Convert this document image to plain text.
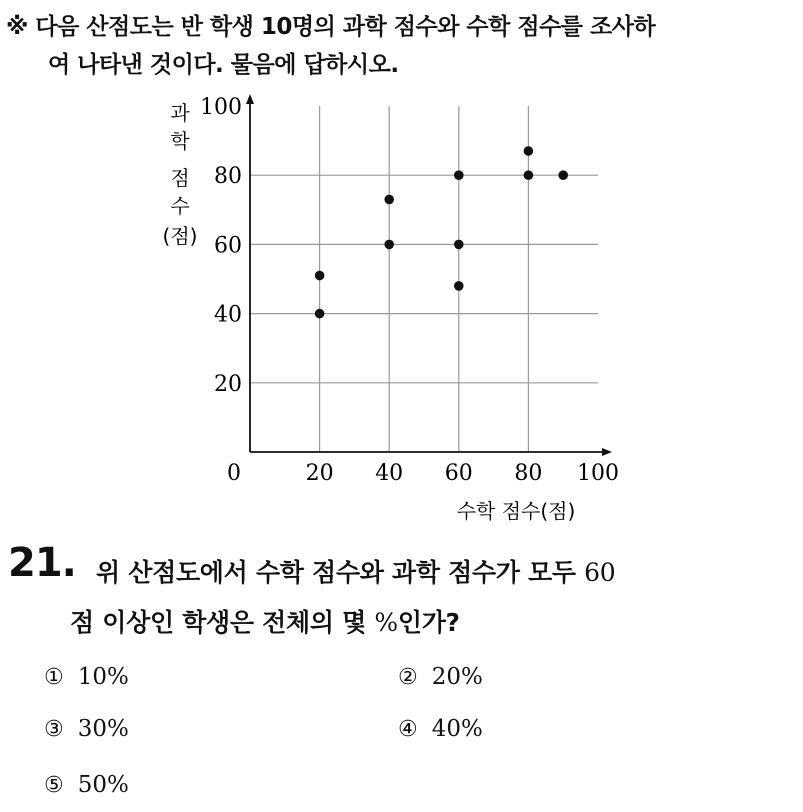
※ 다음 산점도는 반 학생 10명의 과학 점수와 수학 점수를 조사하
여 나타낸 것이다. 물음에 답하시오.
0	20 40 60 80 100
20
40
60
80
100
과
학
점
수
(점)
수학 점수(점)
21. 위 산점도에서 수학 점수와 과학 점수가 모두 60
점 이상인 학생은 전체의 몇 %인가?
① 10%	② 20%
③ 30%	④ 40%
⑤ 50%
